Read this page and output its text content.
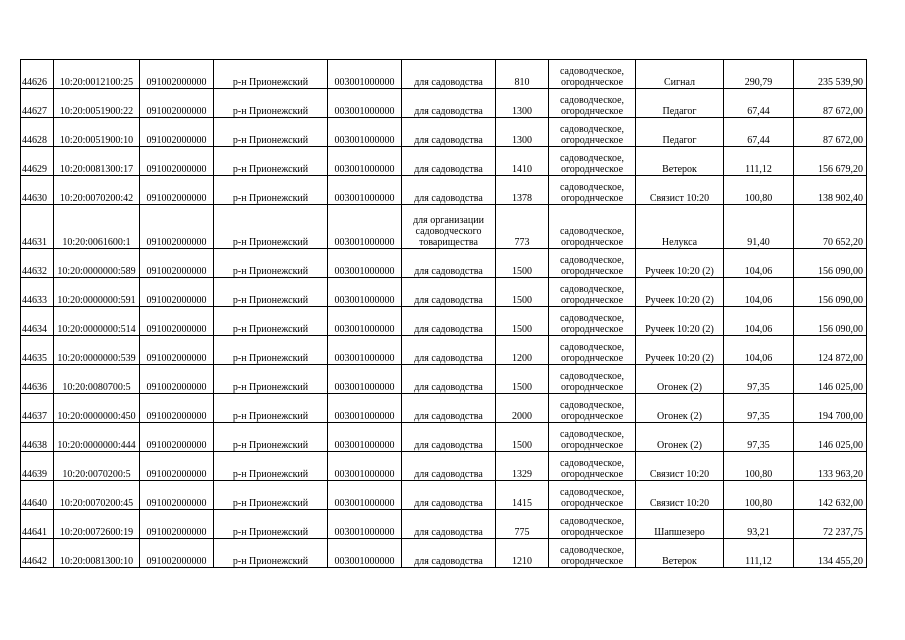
44626	10:20:0012100:25	091002000000	р-н Прионежский	003001000000	для садоводства	810	садоводческое, огороднческое	Сигнал	290,79	235 539,90
44627	10:20:0051900:22	091002000000	р-н Прионежский	003001000000	для садоводства	1300	садоводческое, огороднческое	Педагог	67,44	87 672,00
44628	10:20:0051900:10	091002000000	р-н Прионежский	003001000000	для садоводства	1300	садоводческое, огороднческое	Педагог	67,44	87 672,00
44629	10:20:0081300:17	091002000000	р-н Прионежский	003001000000	для садоводства	1410	садоводческое, огороднческое	Ветерок	111,12	156 679,20
44630	10:20:0070200:42	091002000000	р-н Прионежский	003001000000	для садоводства	1378	садоводческое, огороднческое	Связист 10:20	100,80	138 902,40
44631	10:20:0061600:1	091002000000	р-н Прионежский	003001000000	для организации садоводческого товарищества	773	садоводческое, огороднческое	Нелукса	91,40	70 652,20
44632	10:20:0000000:589	091002000000	р-н Прионежский	003001000000	для садоводства	1500	садоводческое, огороднческое	Ручеек 10:20 (2)	104,06	156 090,00
44633	10:20:0000000:591	091002000000	р-н Прионежский	003001000000	для садоводства	1500	садоводческое, огороднческое	Ручеек 10:20 (2)	104,06	156 090,00
44634	10:20:0000000:514	091002000000	р-н Прионежский	003001000000	для садоводства	1500	садоводческое, огороднческое	Ручеек 10:20 (2)	104,06	156 090,00
44635	10:20:0000000:539	091002000000	р-н Прионежский	003001000000	для садоводства	1200	садоводческое, огороднческое	Ручеек 10:20 (2)	104,06	124 872,00
44636	10:20:0080700:5	091002000000	р-н Прионежский	003001000000	для садоводства	1500	садоводческое, огороднческое	Огонек (2)	97,35	146 025,00
44637	10:20:0000000:450	091002000000	р-н Прионежский	003001000000	для садоводства	2000	садоводческое, огороднческое	Огонек (2)	97,35	194 700,00
44638	10:20:0000000:444	091002000000	р-н Прионежский	003001000000	для садоводства	1500	садоводческое, огороднческое	Огонек (2)	97,35	146 025,00
44639	10:20:0070200:5	091002000000	р-н Прионежский	003001000000	для садоводства	1329	садоводческое, огороднческое	Связист 10:20	100,80	133 963,20
44640	10:20:0070200:45	091002000000	р-н Прионежский	003001000000	для садоводства	1415	садоводческое, огороднческое	Связист 10:20	100,80	142 632,00
44641	10:20:0072600:19	091002000000	р-н Прионежский	003001000000	для садоводства	775	садоводческое, огороднческое	Шапшезеро	93,21	72 237,75
44642	10:20:0081300:10	091002000000	р-н Прионежский	003001000000	для садоводства	1210	садоводческое, огороднческое	Ветерок	111,12	134 455,20
